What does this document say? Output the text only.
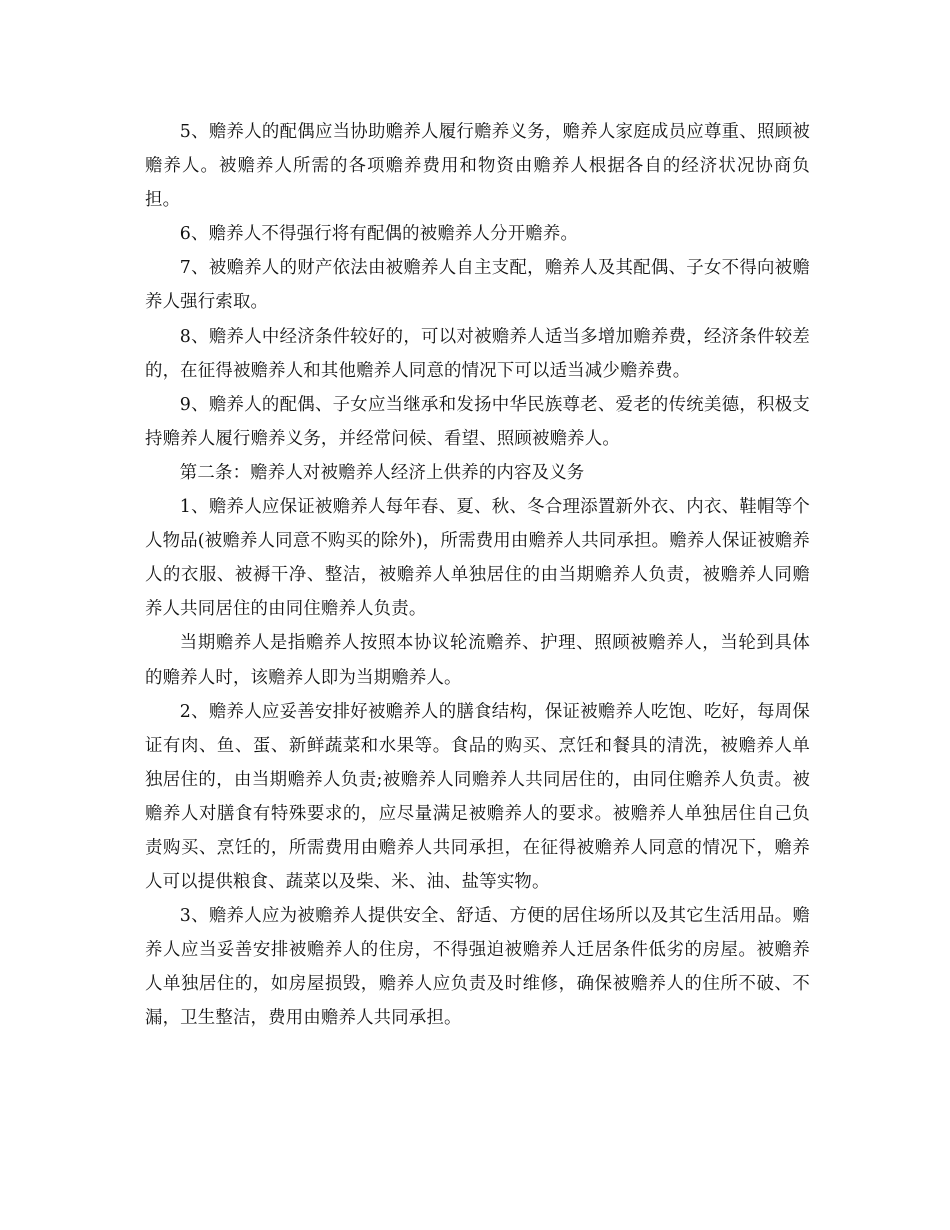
5、赡养人的配偶应当协助赡养人履行赡养义务，赡养人家庭成员应尊重、照顾被赡养人。被赡养人所需的各项赡养费用和物资由赡养人根据各自的经济状况协商负担。

6、赡养人不得强行将有配偶的被赡养人分开赡养。

7、被赡养人的财产依法由被赡养人自主支配，赡养人及其配偶、子女不得向被赡养人强行索取。

8、赡养人中经济条件较好的，可以对被赡养人适当多增加赡养费，经济条件较差的，在征得被赡养人和其他赡养人同意的情况下可以适当减少赡养费。

9、赡养人的配偶、子女应当继承和发扬中华民族尊老、爱老的传统美德，积极支持赡养人履行赡养义务，并经常问候、看望、照顾被赡养人。

第二条：赡养人对被赡养人经济上供养的内容及义务

1、赡养人应保证被赡养人每年春、夏、秋、冬合理添置新外衣、内衣、鞋帽等个人物品(被赡养人同意不购买的除外)，所需费用由赡养人共同承担。赡养人保证被赡养人的衣服、被褥干净、整洁，被赡养人单独居住的由当期赡养人负责，被赡养人同赡养人共同居住的由同住赡养人负责。

当期赡养人是指赡养人按照本协议轮流赡养、护理、照顾被赡养人，当轮到具体的赡养人时，该赡养人即为当期赡养人。

2、赡养人应妥善安排好被赡养人的膳食结构，保证被赡养人吃饱、吃好，每周保证有肉、鱼、蛋、新鲜蔬菜和水果等。食品的购买、烹饪和餐具的清洗，被赡养人单独居住的，由当期赡养人负责;被赡养人同赡养人共同居住的，由同住赡养人负责。被赡养人对膳食有特殊要求的，应尽量满足被赡养人的要求。被赡养人单独居住自己负责购买、烹饪的，所需费用由赡养人共同承担，在征得被赡养人同意的情况下，赡养人可以提供粮食、蔬菜以及柴、米、油、盐等实物。

3、赡养人应为被赡养人提供安全、舒适、方便的居住场所以及其它生活用品。赡养人应当妥善安排被赡养人的住房，不得强迫被赡养人迁居条件低劣的房屋。被赡养人单独居住的，如房屋损毁，赡养人应负责及时维修，确保被赡养人的住所不破、不漏，卫生整洁，费用由赡养人共同承担。
